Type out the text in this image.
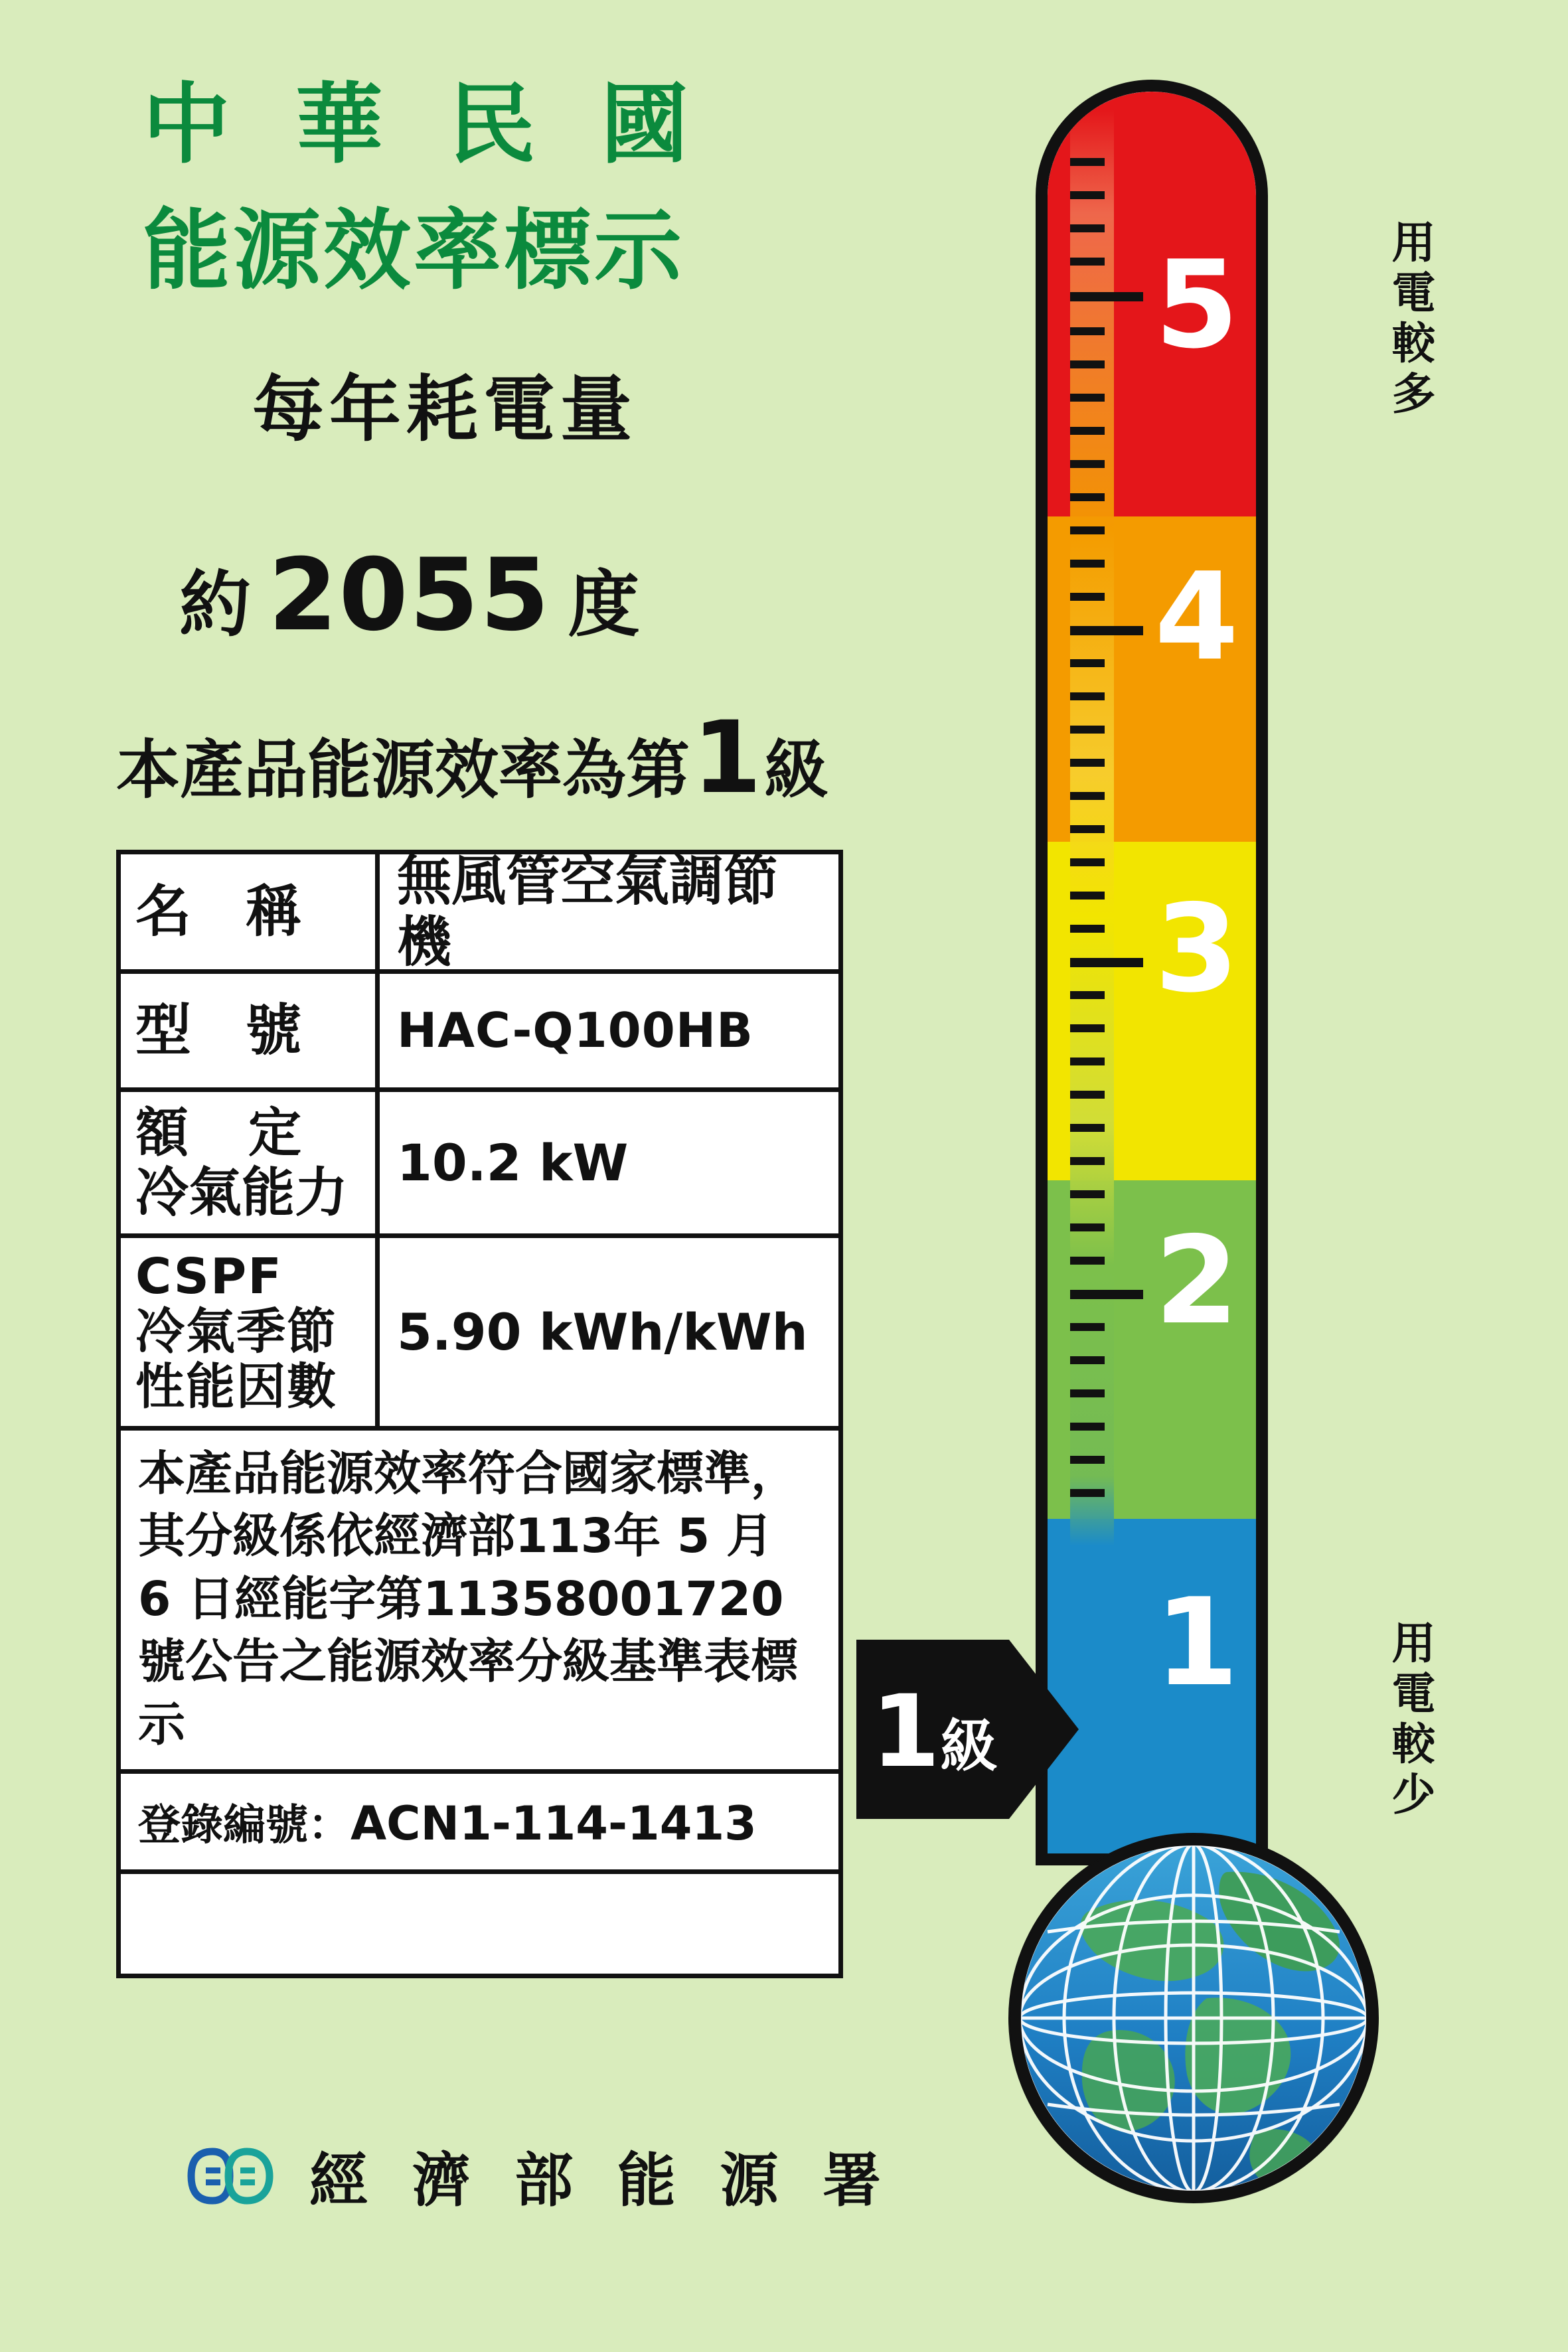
中 華 民 國
能源效率標示
每年耗電量
約 2055 度
本產品能源效率為第1級
名 稱	無風管空氣調節機
型 號	HAC-Q100HB
額 定
冷氣能力 10.2 kW
CSPF
冷氣季節
性能因數
5.90 kWh/kWh
本產品能源效率符合國家標準，其分級係依經濟部113年 5 月 6 日經能字第11358001720號公告之能源效率分級基準表標示
登錄編號：ACN1-114-1413
經 濟 部 能 源 署
5
4
3
2
1
用電較多
用電較少
1級
